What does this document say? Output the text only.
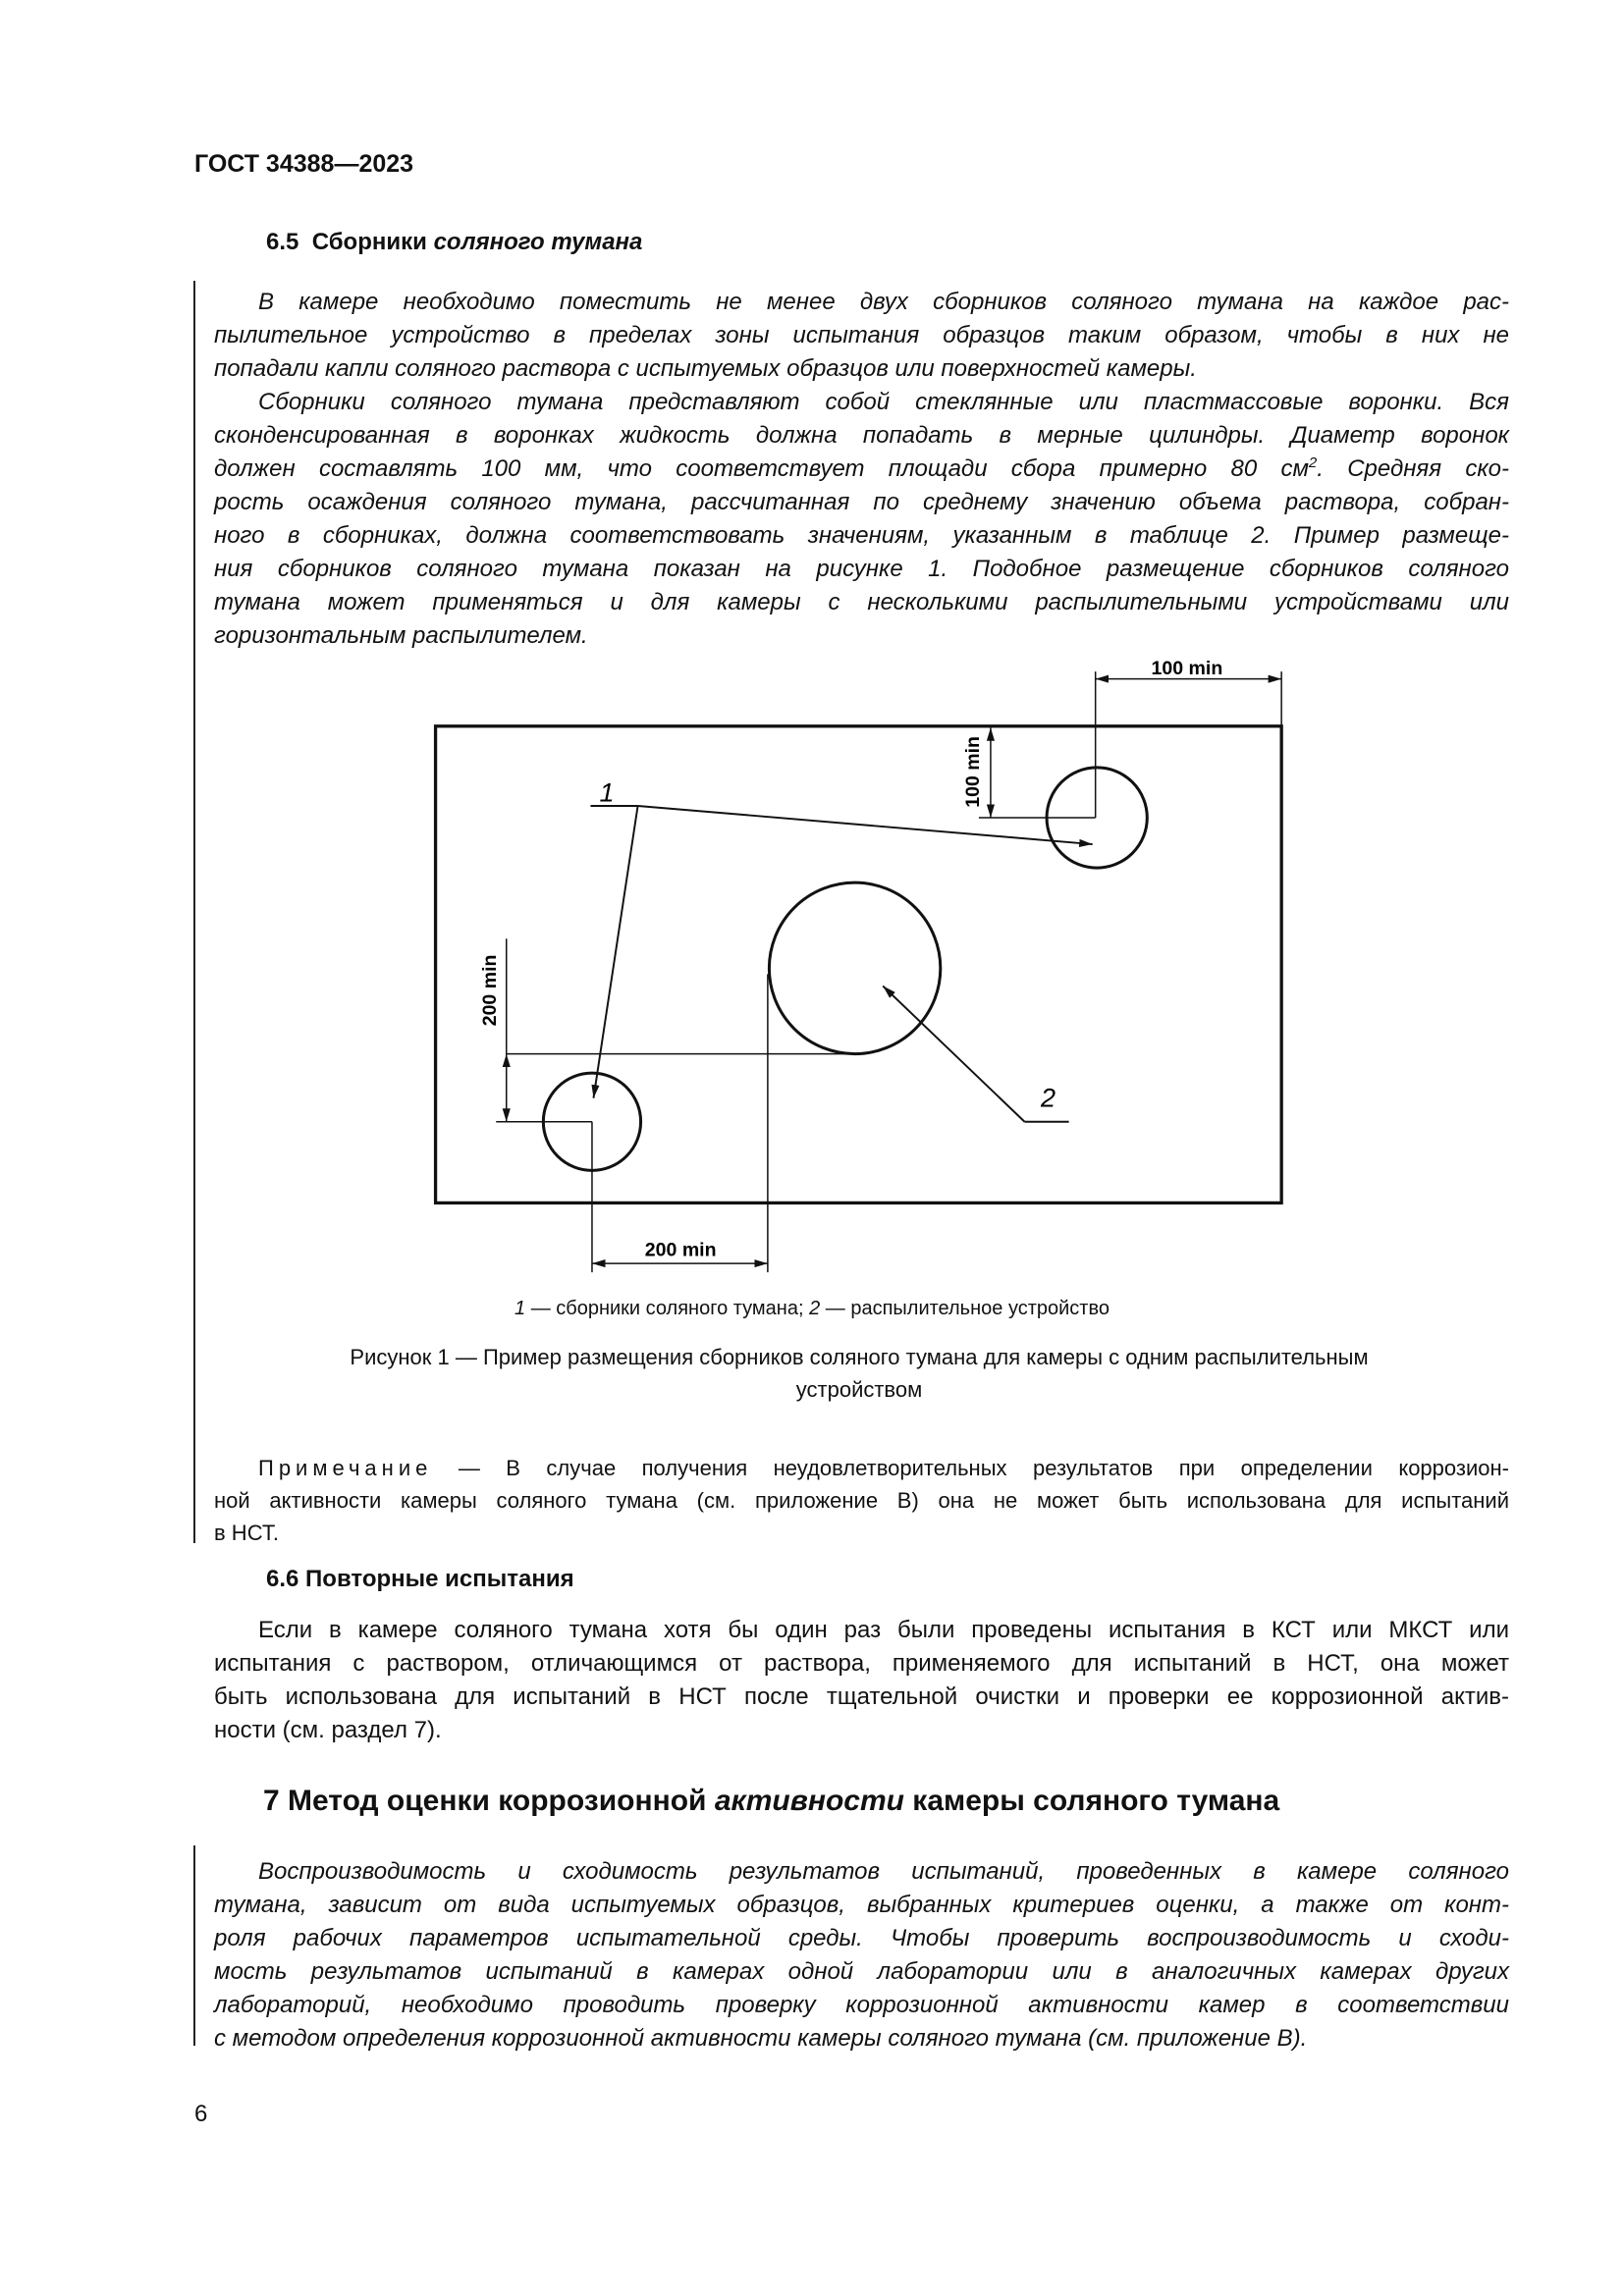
ГОСТ 34388—2023
6.5 Сборники соляного тумана
В камере необходимо поместить не менее двух сборников соляного тумана на каждое рас-
пылительное устройство в пределах зоны испытания образцов таким образом, чтобы в них не
попадали капли соляного раствора с испытуемых образцов или поверхностей камеры.
Сборники соляного тумана представляют собой стеклянные или пластмассовые воронки. Вся
сконденсированная в воронках жидкость должна попадать в мерные цилиндры. Диаметр воронок
должен составлять 100 мм, что соответствует площади сбора примерно 80 $см^2$. Средняя ско-
рость осаждения соляного тумана, рассчитанная по среднему значению объема раствора, собран-
ного в сборниках, должна соответствовать значениям, указанным в таблице 2. Пример размеще-
ния сборников соляного тумана показан на рисунке 1. Подобное размещение сборников соляного
тумана может применяться и для камеры с несколькими распылительными устройствами или
горизонтальным распылителем.
100 min
100 min
200 min
200 min
1
2
1 — сборники соляного тумана; 2 — распылительное устройство
Рисунок 1 — Пример размещения сборников соляного тумана для камеры с одним распылительным
устройством
Примечание — В случае получения неудовлетворительных результатов при определении коррозион-
ной активности камеры соляного тумана (см. приложение В) она не может быть использована для испытаний
в НСТ.
6.6 Повторные испытания
Если в камере соляного тумана хотя бы один раз были проведены испытания в КСТ или МКСТ или
испытания с раствором, отличающимся от раствора, применяемого для испытаний в НСТ, она может
быть использована для испытаний в НСТ после тщательной очистки и проверки ее коррозионной актив-
ности (см. раздел 7).
7 Метод оценки коррозионной активности камеры соляного тумана
Воспроизводимость и сходимость результатов испытаний, проведенных в камере соляного
тумана, зависит от вида испытуемых образцов, выбранных критериев оценки, а также от конт-
роля рабочих параметров испытательной среды. Чтобы проверить воспроизводимость и сходи-
мость результатов испытаний в камерах одной лаборатории или в аналогичных камерах других
лабораторий, необходимо проводить проверку коррозионной активности камер в соответствии
с методом определения коррозионной активности камеры соляного тумана (см. приложение В).
6
